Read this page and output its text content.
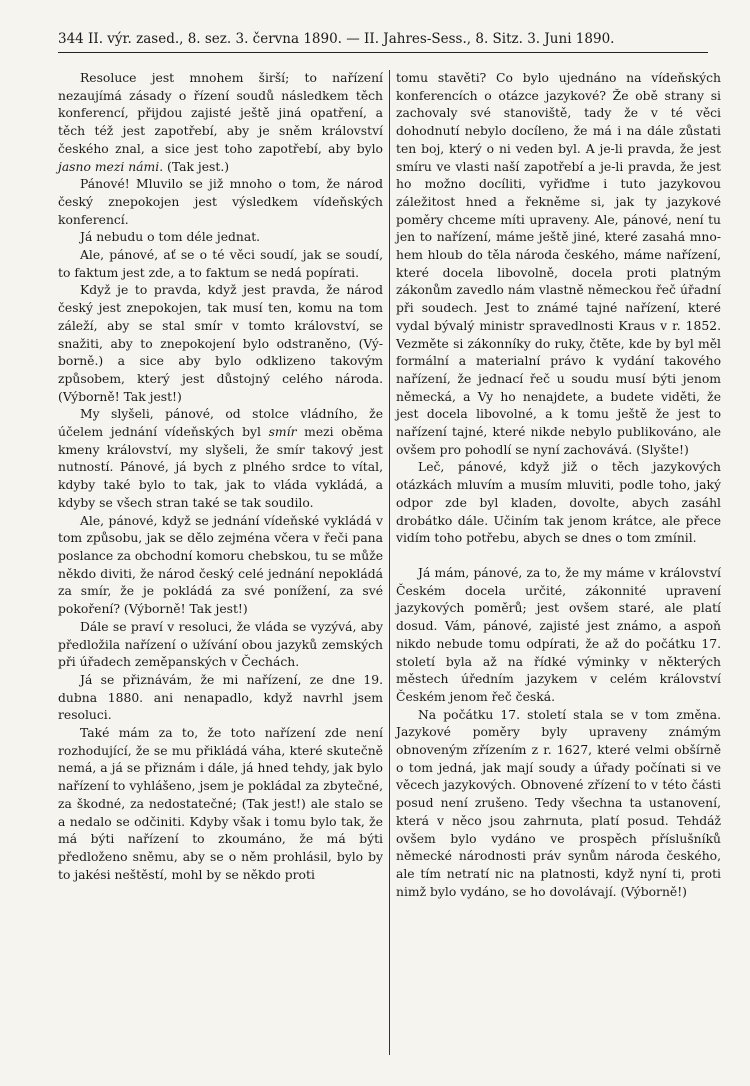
344 II. výr. zased., 8. sez. 3. června 1890. — II. Jahres-Sess., 8. Sitz. 3. Juni 1890.

Resoluce jest mnohem širší; to nařízení nezaujímá zásady o řízení soudů následkem těch konferencí, přijdou zajisté ještě jiná opatření, a těch též jest zapotřebí, aby je sněm království českého znal, a sice jest toho zapotřebí, aby bylo jasno mezi námi. (Tak jest.)

Pánové! Mluvilo se již mnoho o tom, že národ český znepokojen jest výsledkem vídeňských konferencí.

Já nebudu o tom déle jednat.

Ale, pánové, ať se o té věci soudí, jak se soudí, to faktum jest zde, a to faktum se nedá popírati.

Když je to pravda, když jest pravda, že národ český jest znepokojen, tak musí ten, komu na tom záleží, aby se stal smír v tomto království, se snažiti, aby to znepokojení bylo odstraněno, (Výborně.) a sice aby bylo odklizeno takovým způsobem, který jest důstojný celého národa. (Výborně! Tak jest!)

My slyšeli, pánové, od stolce vládního, že účelem jednání vídeňských byl smír mezi oběma kmeny království, my slyšeli, že smír takový jest nutností. Pánové, já bych z plného srdce to vítal, kdyby také bylo to tak, jak to vláda vykládá, a kdyby se všech stran také se tak soudilo.

Ale, pánové, když se jednání vídeňské vykládá v tom způsobu, jak se dělo zejména včera v řeči pana poslance za obchodní komoru chebskou, tu se může někdo diviti, že národ český celé jednání nepokládá za smír, že je pokládá za své ponížení, za své pokoření? (Výborně! Tak jest!)

Dále se praví v resoluci, že vláda se vyzývá, aby předložila nařízení o užívání obou jazyků zemských při úřadech zeměpanských v Čechách.

Já se přiznávám, že mi nařízení, ze dne 19. dubna 1880. ani nenapadlo, když navrhl jsem resoluci.

Také mám za to, že toto nařízení zde není rozhodující, že se mu přikládá váha, které skutečně nemá, a já se přiznám i dále, já hned tehdy, jak bylo nařízení to vyhlášeno, jsem je pokládal za zbytečné, za škodné, za nedostatečné; (Tak jest!) ale stalo se a nedalo se odčiniti. Kdyby však i tomu bylo tak, že má býti nařízení to zkoumáno, že má býti předloženo sněmu, aby se o něm prohlásil, bylo by to jakési neštěstí, mohl by se někdo proti

tomu stavěti? Co bylo ujednáno na vídeňských konferencích o otázce jazykové? Že obě strany si zachovaly své stanoviště, tady že v té věci dohodnutí nebylo docíleno, že má i na dále zůstati ten boj, který o ni veden byl. A je-li pravda, že jest smíru ve vlasti naší zapotřebí a je-li pravda, že jest ho možno docíliti, vyřiďme i tuto jazykovou záležitost hned a řekněme si, jak ty jazykové poměry chceme míti upraveny. Ale, pánové, není tu jen to nařízení, máme ještě jiné, které zasahá mnohem hloub do těla národa českého, máme nařízení, které docela libovolně, docela proti platným zákonům zavedlo nám vlastně německou řeč úřadní při soudech. Jest to známé tajné nařízení, které vydal bývalý ministr spravedlnosti Kraus v r. 1852. Vezměte si zákonníky do ruky, čtěte, kde by byl měl formální a materialní právo k vydání takového nařízení, že jednací řeč u soudu musí býti jenom německá, a Vy ho nenajdete, a budete viděti, že jest docela libovolné, a k tomu ještě že jest to nařízení tajné, které nikde nebylo publikováno, ale ovšem pro pohodlí se nyní zachovává. (Slyšte!)

Leč, pánové, když již o těch jazykových otázkách mluvím a musím mluviti, podle toho, jaký odpor zde byl kladen, dovolte, abych zasáhl drobátko dále. Učiním tak jenom krátce, ale přece vidím toho potřebu, abych se dnes o tom zmínil.

Já mám, pánové, za to, že my máme v království Českém docela určité, zákonnité upravení jazykových poměrů; jest ovšem staré, ale platí dosud. Vám, pánové, zajisté jest známo, a aspoň nikdo nebude tomu odpírati, že až do počátku 17. století byla až na řídké výminky v některých městech úředním jazykem v celém království Českém jenom řeč česká.

Na počátku 17. století stala se v tom změna. Jazykové poměry byly upraveny známým obnoveným zřízením z r. 1627, které velmi obšírně o tom jedná, jak mají soudy a úřady počínati si ve věcech jazykových. Obnovené zřízení to v této části posud není zrušeno. Tedy všechna ta ustanovení, která v něco jsou zahrnuta, platí posud. Tehdáž ovšem bylo vydáno ve prospěch příslušníků německé národnosti práv synům národa českého, ale tím netratí nic na platnosti, když nyní ti, proti nimž bylo vydáno, se ho dovolávají. (Výborně!)
